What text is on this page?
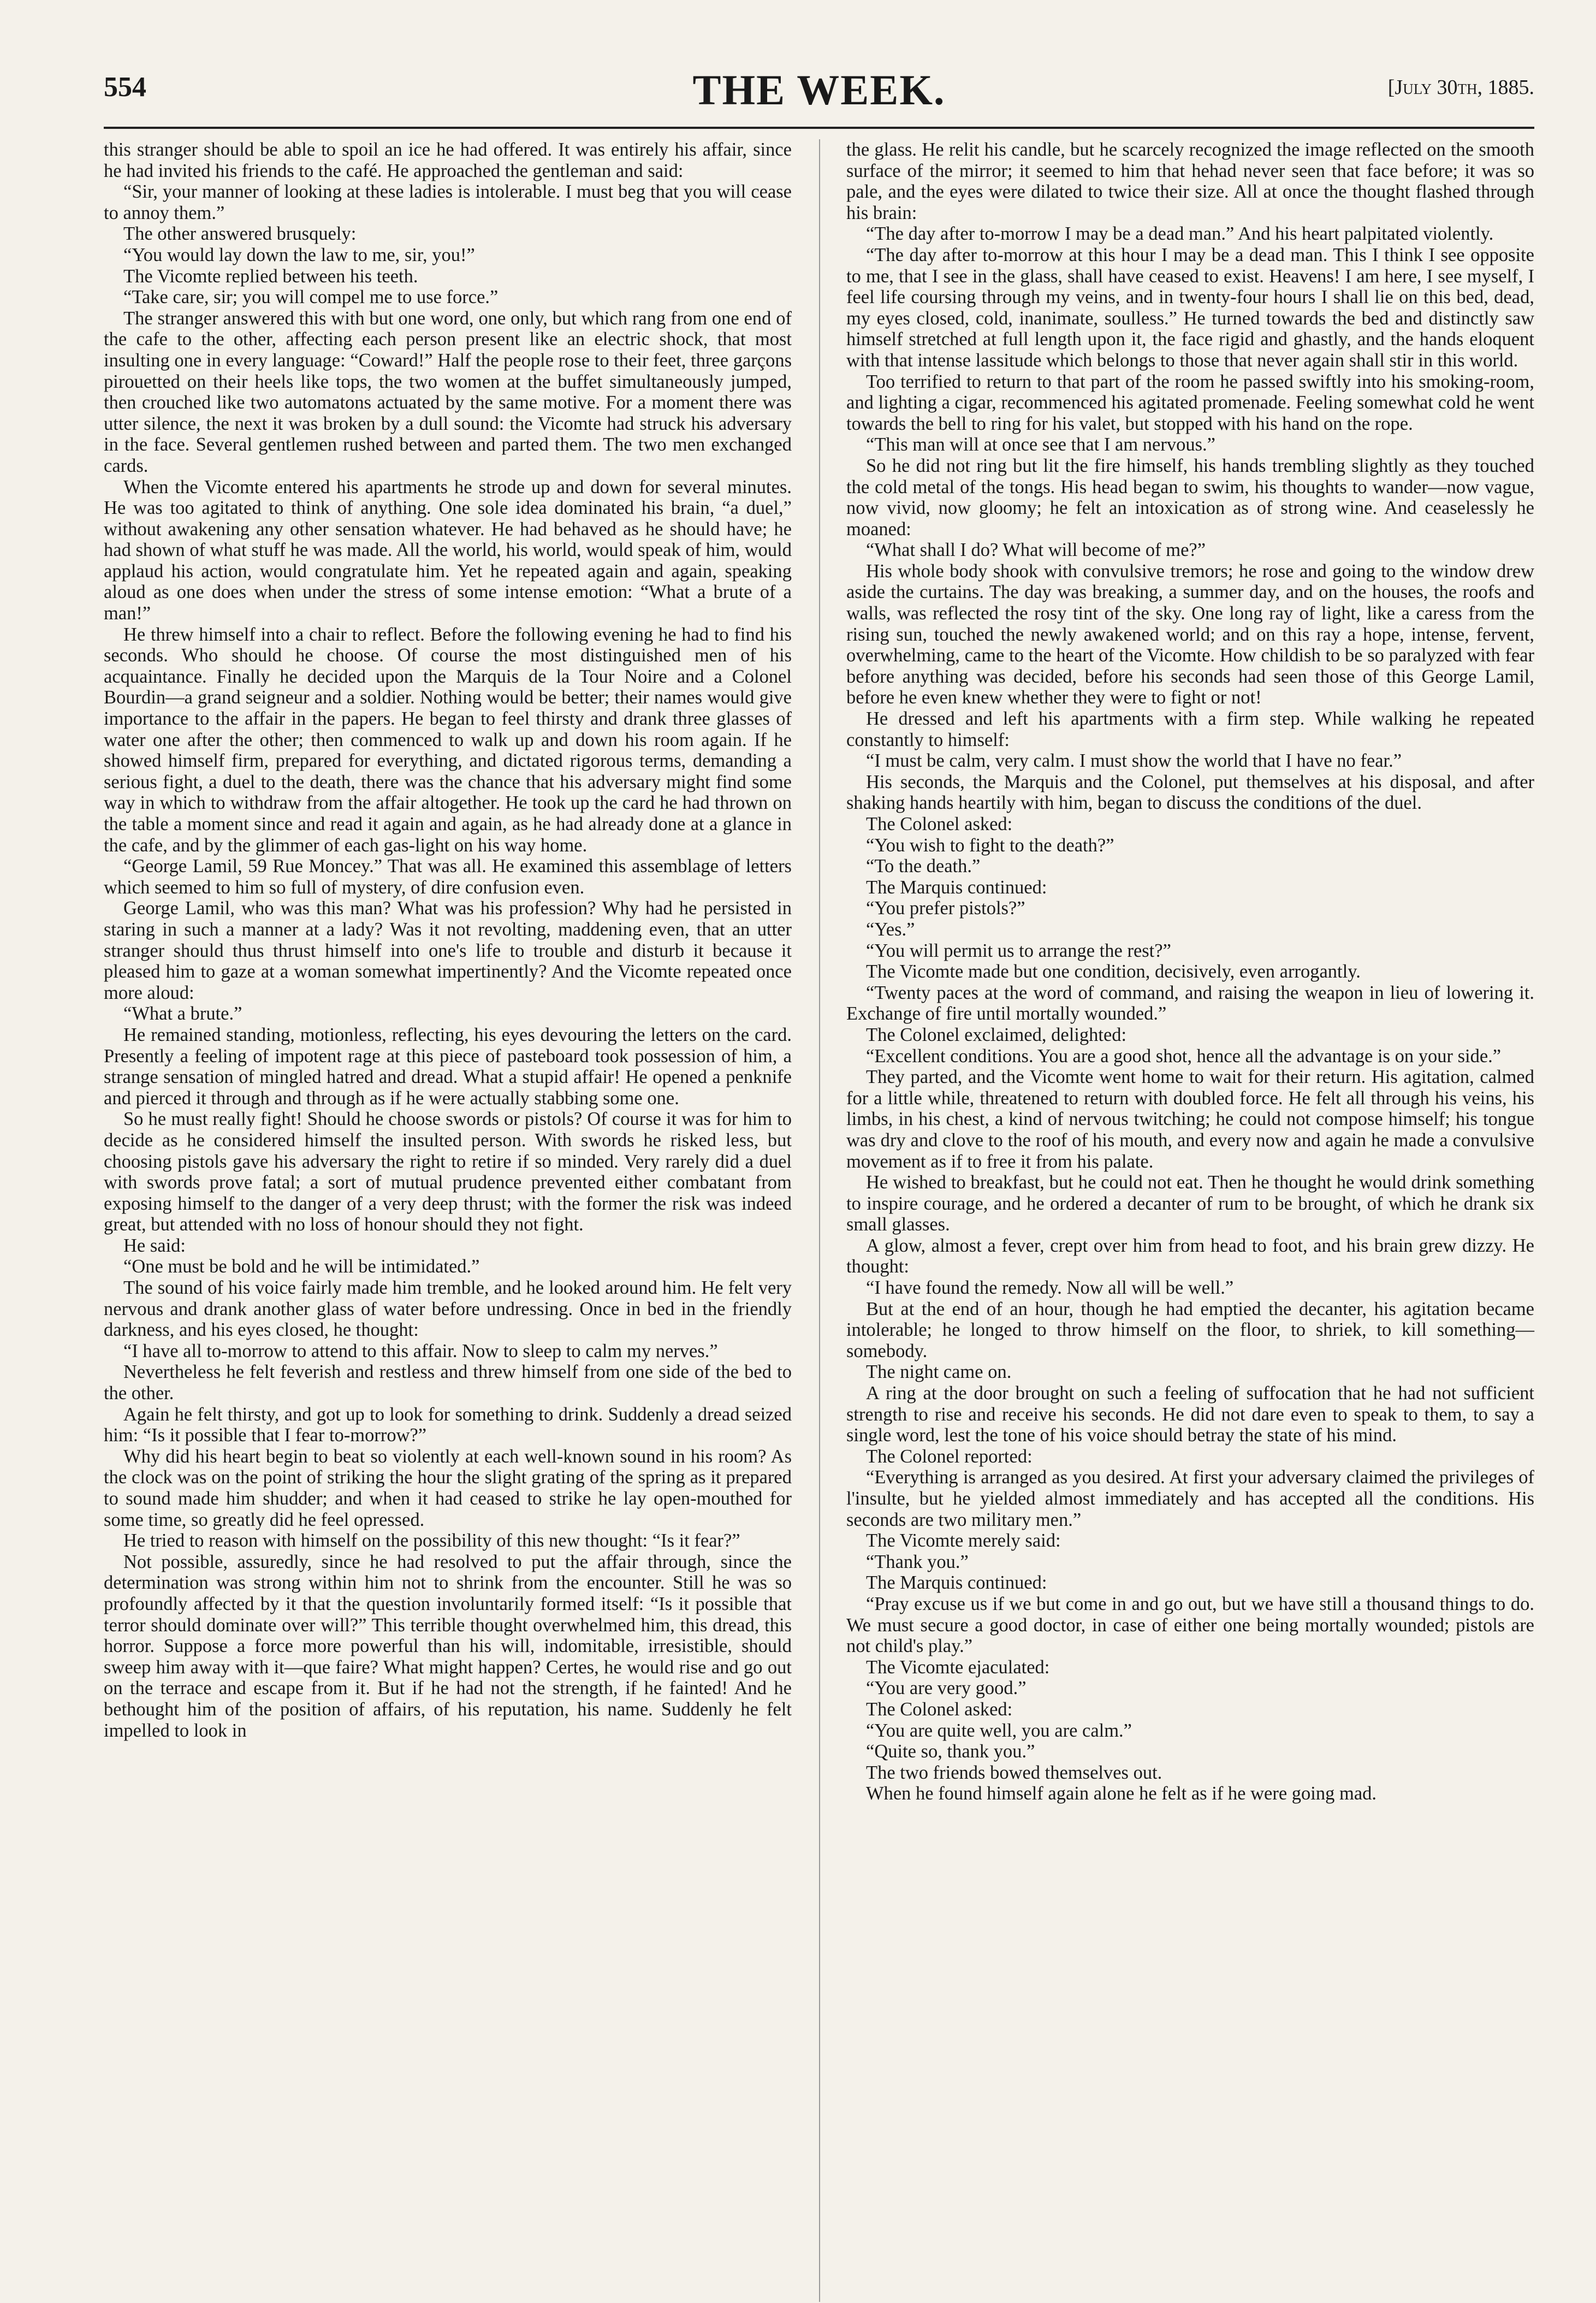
554	THE WEEK.	[July 30th, 1885.

this stranger should be able to spoil an ice he had offered. It was entirely his affair, since he had invited his friends to the café. He approached the gentleman and said:

“Sir, your manner of looking at these ladies is intolerable. I must beg that you will cease to annoy them.”

The other answered brusquely:

“You would lay down the law to me, sir, you!”

The Vicomte replied between his teeth.

“Take care, sir; you will compel me to use force.”

The stranger answered this with but one word, one only, but which rang from one end of the cafe to the other, affecting each person present like an electric shock, that most insulting one in every language: “Coward!” Half the people rose to their feet, three garçons pirouetted on their heels like tops, the two women at the buffet simultaneously jumped, then crouched like two automatons actuated by the same motive. For a moment there was utter silence, the next it was broken by a dull sound: the Vicomte had struck his adversary in the face. Several gentlemen rushed between and parted them. The two men exchanged cards.

When the Vicomte entered his apartments he strode up and down for several minutes. He was too agitated to think of anything. One sole idea dominated his brain, “a duel,” without awakening any other sensation whatever. He had behaved as he should have; he had shown of what stuff he was made. All the world, his world, would speak of him, would applaud his action, would congratulate him. Yet he repeated again and again, speaking aloud as one does when under the stress of some intense emotion: “What a brute of a man!”

He threw himself into a chair to reflect. Before the following evening he had to find his seconds. Who should he choose. Of course the most distinguished men of his acquaintance. Finally he decided upon the Marquis de la Tour Noire and a Colonel Bourdin—a grand seigneur and a soldier. Nothing would be better; their names would give importance to the affair in the papers. He began to feel thirsty and drank three glasses of water one after the other; then commenced to walk up and down his room again. If he showed himself firm, prepared for everything, and dictated rigorous terms, demanding a serious fight, a duel to the death, there was the chance that his adversary might find some way in which to withdraw from the affair altogether. He took up the card he had thrown on the table a moment since and read it again and again, as he had already done at a glance in the cafe, and by the glimmer of each gas-light on his way home.

“George Lamil, 59 Rue Moncey.” That was all. He examined this assemblage of letters which seemed to him so full of mystery, of dire confusion even.

George Lamil, who was this man? What was his profession? Why had he persisted in staring in such a manner at a lady? Was it not revolting, maddening even, that an utter stranger should thus thrust himself into one's life to trouble and disturb it because it pleased him to gaze at a woman somewhat impertinently? And the Vicomte repeated once more aloud:

“What a brute.”

He remained standing, motionless, reflecting, his eyes devouring the letters on the card. Presently a feeling of impotent rage at this piece of pasteboard took possession of him, a strange sensation of mingled hatred and dread. What a stupid affair! He opened a penknife and pierced it through and through as if he were actually stabbing some one.

So he must really fight! Should he choose swords or pistols? Of course it was for him to decide as he considered himself the insulted person. With swords he risked less, but choosing pistols gave his adversary the right to retire if so minded. Very rarely did a duel with swords prove fatal; a sort of mutual prudence prevented either combatant from exposing himself to the danger of a very deep thrust; with the former the risk was indeed great, but attended with no loss of honour should they not fight.

He said:

“One must be bold and he will be intimidated.”

The sound of his voice fairly made him tremble, and he looked around him. He felt very nervous and drank another glass of water before undressing. Once in bed in the friendly darkness, and his eyes closed, he thought:

“I have all to-morrow to attend to this affair. Now to sleep to calm my nerves.”

Nevertheless he felt feverish and restless and threw himself from one side of the bed to the other.

Again he felt thirsty, and got up to look for something to drink. Suddenly a dread seized him: “Is it possible that I fear to-morrow?”

Why did his heart begin to beat so violently at each well-known sound in his room? As the clock was on the point of striking the hour the slight grating of the spring as it prepared to sound made him shudder; and when it had ceased to strike he lay open-mouthed for some time, so greatly did he feel opressed.

He tried to reason with himself on the possibility of this new thought: “Is it fear?”

Not possible, assuredly, since he had resolved to put the affair through, since the determination was strong within him not to shrink from the encounter. Still he was so profoundly affected by it that the question involuntarily formed itself: “Is it possible that terror should dominate over will?” This terrible thought overwhelmed him, this dread, this horror. Suppose a force more powerful than his will, indomitable, irresistible, should sweep him away with it—que faire? What might happen? Certes, he would rise and go out on the terrace and escape from it. But if he had not the strength, if he fainted! And he bethought him of the position of affairs, of his reputation, his name. Suddenly he felt impelled to look in

the glass. He relit his candle, but he scarcely recognized the image reflected on the smooth surface of the mirror; it seemed to him that hehad never seen that face before; it was so pale, and the eyes were dilated to twice their size. All at once the thought flashed through his brain:

“The day after to-morrow I may be a dead man.” And his heart palpitated violently.

“The day after to-morrow at this hour I may be a dead man. This I think I see opposite to me, that I see in the glass, shall have ceased to exist. Heavens! I am here, I see myself, I feel life coursing through my veins, and in twenty-four hours I shall lie on this bed, dead, my eyes closed, cold, inanimate, soulless.” He turned towards the bed and distinctly saw himself stretched at full length upon it, the face rigid and ghastly, and the hands eloquent with that intense lassitude which belongs to those that never again shall stir in this world.

Too terrified to return to that part of the room he passed swiftly into his smoking-room, and lighting a cigar, recommenced his agitated promenade. Feeling somewhat cold he went towards the bell to ring for his valet, but stopped with his hand on the rope.

“This man will at once see that I am nervous.”

So he did not ring but lit the fire himself, his hands trembling slightly as they touched the cold metal of the tongs. His head began to swim, his thoughts to wander—now vague, now vivid, now gloomy; he felt an intoxication as of strong wine. And ceaselessly he moaned:

“What shall I do? What will become of me?”

His whole body shook with convulsive tremors; he rose and going to the window drew aside the curtains. The day was breaking, a summer day, and on the houses, the roofs and walls, was reflected the rosy tint of the sky. One long ray of light, like a caress from the rising sun, touched the newly awakened world; and on this ray a hope, intense, fervent, overwhelming, came to the heart of the Vicomte. How childish to be so paralyzed with fear before anything was decided, before his seconds had seen those of this George Lamil, before he even knew whether they were to fight or not!

He dressed and left his apartments with a firm step. While walking he repeated constantly to himself:

“I must be calm, very calm. I must show the world that I have no fear.”

His seconds, the Marquis and the Colonel, put themselves at his disposal, and after shaking hands heartily with him, began to discuss the conditions of the duel.

The Colonel asked:

“You wish to fight to the death?”

“To the death.”

The Marquis continued:

“You prefer pistols?”

“Yes.”

“You will permit us to arrange the rest?”

The Vicomte made but one condition, decisively, even arrogantly.

“Twenty paces at the word of command, and raising the weapon in lieu of lowering it. Exchange of fire until mortally wounded.”

The Colonel exclaimed, delighted:

“Excellent conditions. You are a good shot, hence all the advantage is on your side.”

They parted, and the Vicomte went home to wait for their return. His agitation, calmed for a little while, threatened to return with doubled force. He felt all through his veins, his limbs, in his chest, a kind of nervous twitching; he could not compose himself; his tongue was dry and clove to the roof of his mouth, and every now and again he made a convulsive movement as if to free it from his palate.

He wished to breakfast, but he could not eat. Then he thought he would drink something to inspire courage, and he ordered a decanter of rum to be brought, of which he drank six small glasses.

A glow, almost a fever, crept over him from head to foot, and his brain grew dizzy. He thought:

“I have found the remedy. Now all will be well.”

But at the end of an hour, though he had emptied the decanter, his agitation became intolerable; he longed to throw himself on the floor, to shriek, to kill something—somebody.

The night came on.

A ring at the door brought on such a feeling of suffocation that he had not sufficient strength to rise and receive his seconds. He did not dare even to speak to them, to say a single word, lest the tone of his voice should betray the state of his mind.

The Colonel reported:

“Everything is arranged as you desired. At first your adversary claimed the privileges of l'insulte, but he yielded almost immediately and has accepted all the conditions. His seconds are two military men.”

The Vicomte merely said:

“Thank you.”

The Marquis continued:

“Pray excuse us if we but come in and go out, but we have still a thousand things to do. We must secure a good doctor, in case of either one being mortally wounded; pistols are not child's play.”

The Vicomte ejaculated:

“You are very good.”

The Colonel asked:

“You are quite well, you are calm.”

“Quite so, thank you.”

The two friends bowed themselves out.

When he found himself again alone he felt as if he were going mad.
